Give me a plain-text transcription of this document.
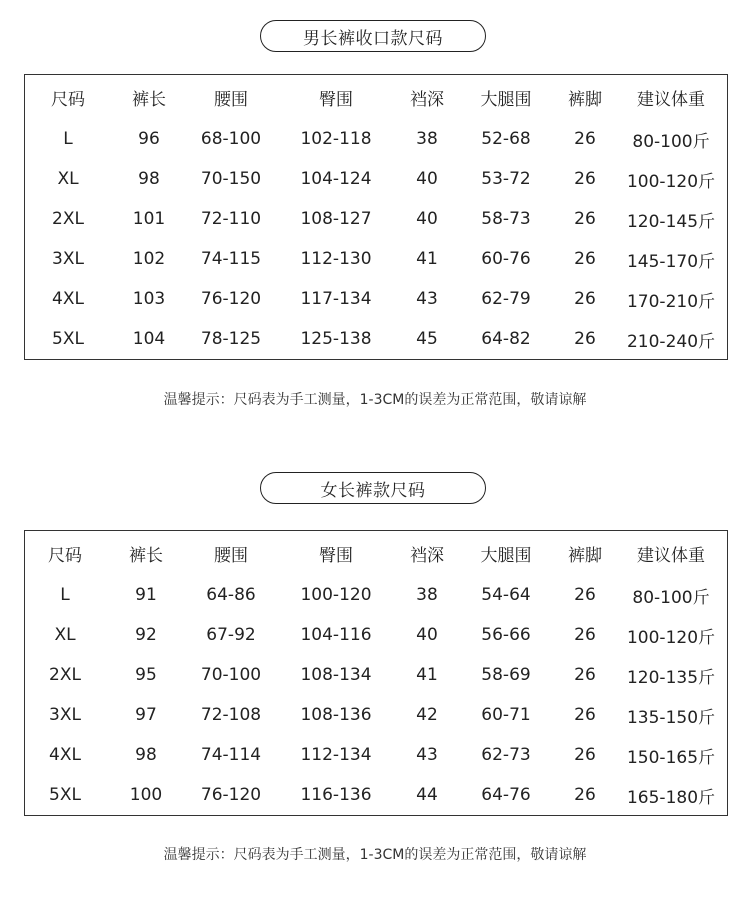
男长裤收口款尺码
尺码	裤长	腰围	臀围	裆深	大腿围	裤脚	建议体重
L	96	68-100	102-118	38	52-68	26	80-100斤
XL	98	70-150	104-124	40	53-72	26	100-120斤
2XL	101	72-110	108-127	40	58-73	26	120-145斤
3XL	102	74-115	112-130	41	60-76	26	145-170斤
4XL	103	76-120	117-134	43	62-79	26	170-210斤
5XL	104	78-125	125-138	45	64-82	26	210-240斤
温馨提示：尺码表为手工测量，1-3CM的误差为正常范围，敬请谅解
女长裤款尺码
尺码	裤长	腰围	臀围	裆深	大腿围	裤脚	建议体重
L	91	64-86	100-120	38	54-64	26	80-100斤
XL	92	67-92	104-116	40	56-66	26	100-120斤
2XL	95	70-100	108-134	41	58-69	26	120-135斤
3XL	97	72-108	108-136	42	60-71	26	135-150斤
4XL	98	74-114	112-134	43	62-73	26	150-165斤
5XL	100	76-120	116-136	44	64-76	26	165-180斤
温馨提示：尺码表为手工测量，1-3CM的误差为正常范围，敬请谅解
